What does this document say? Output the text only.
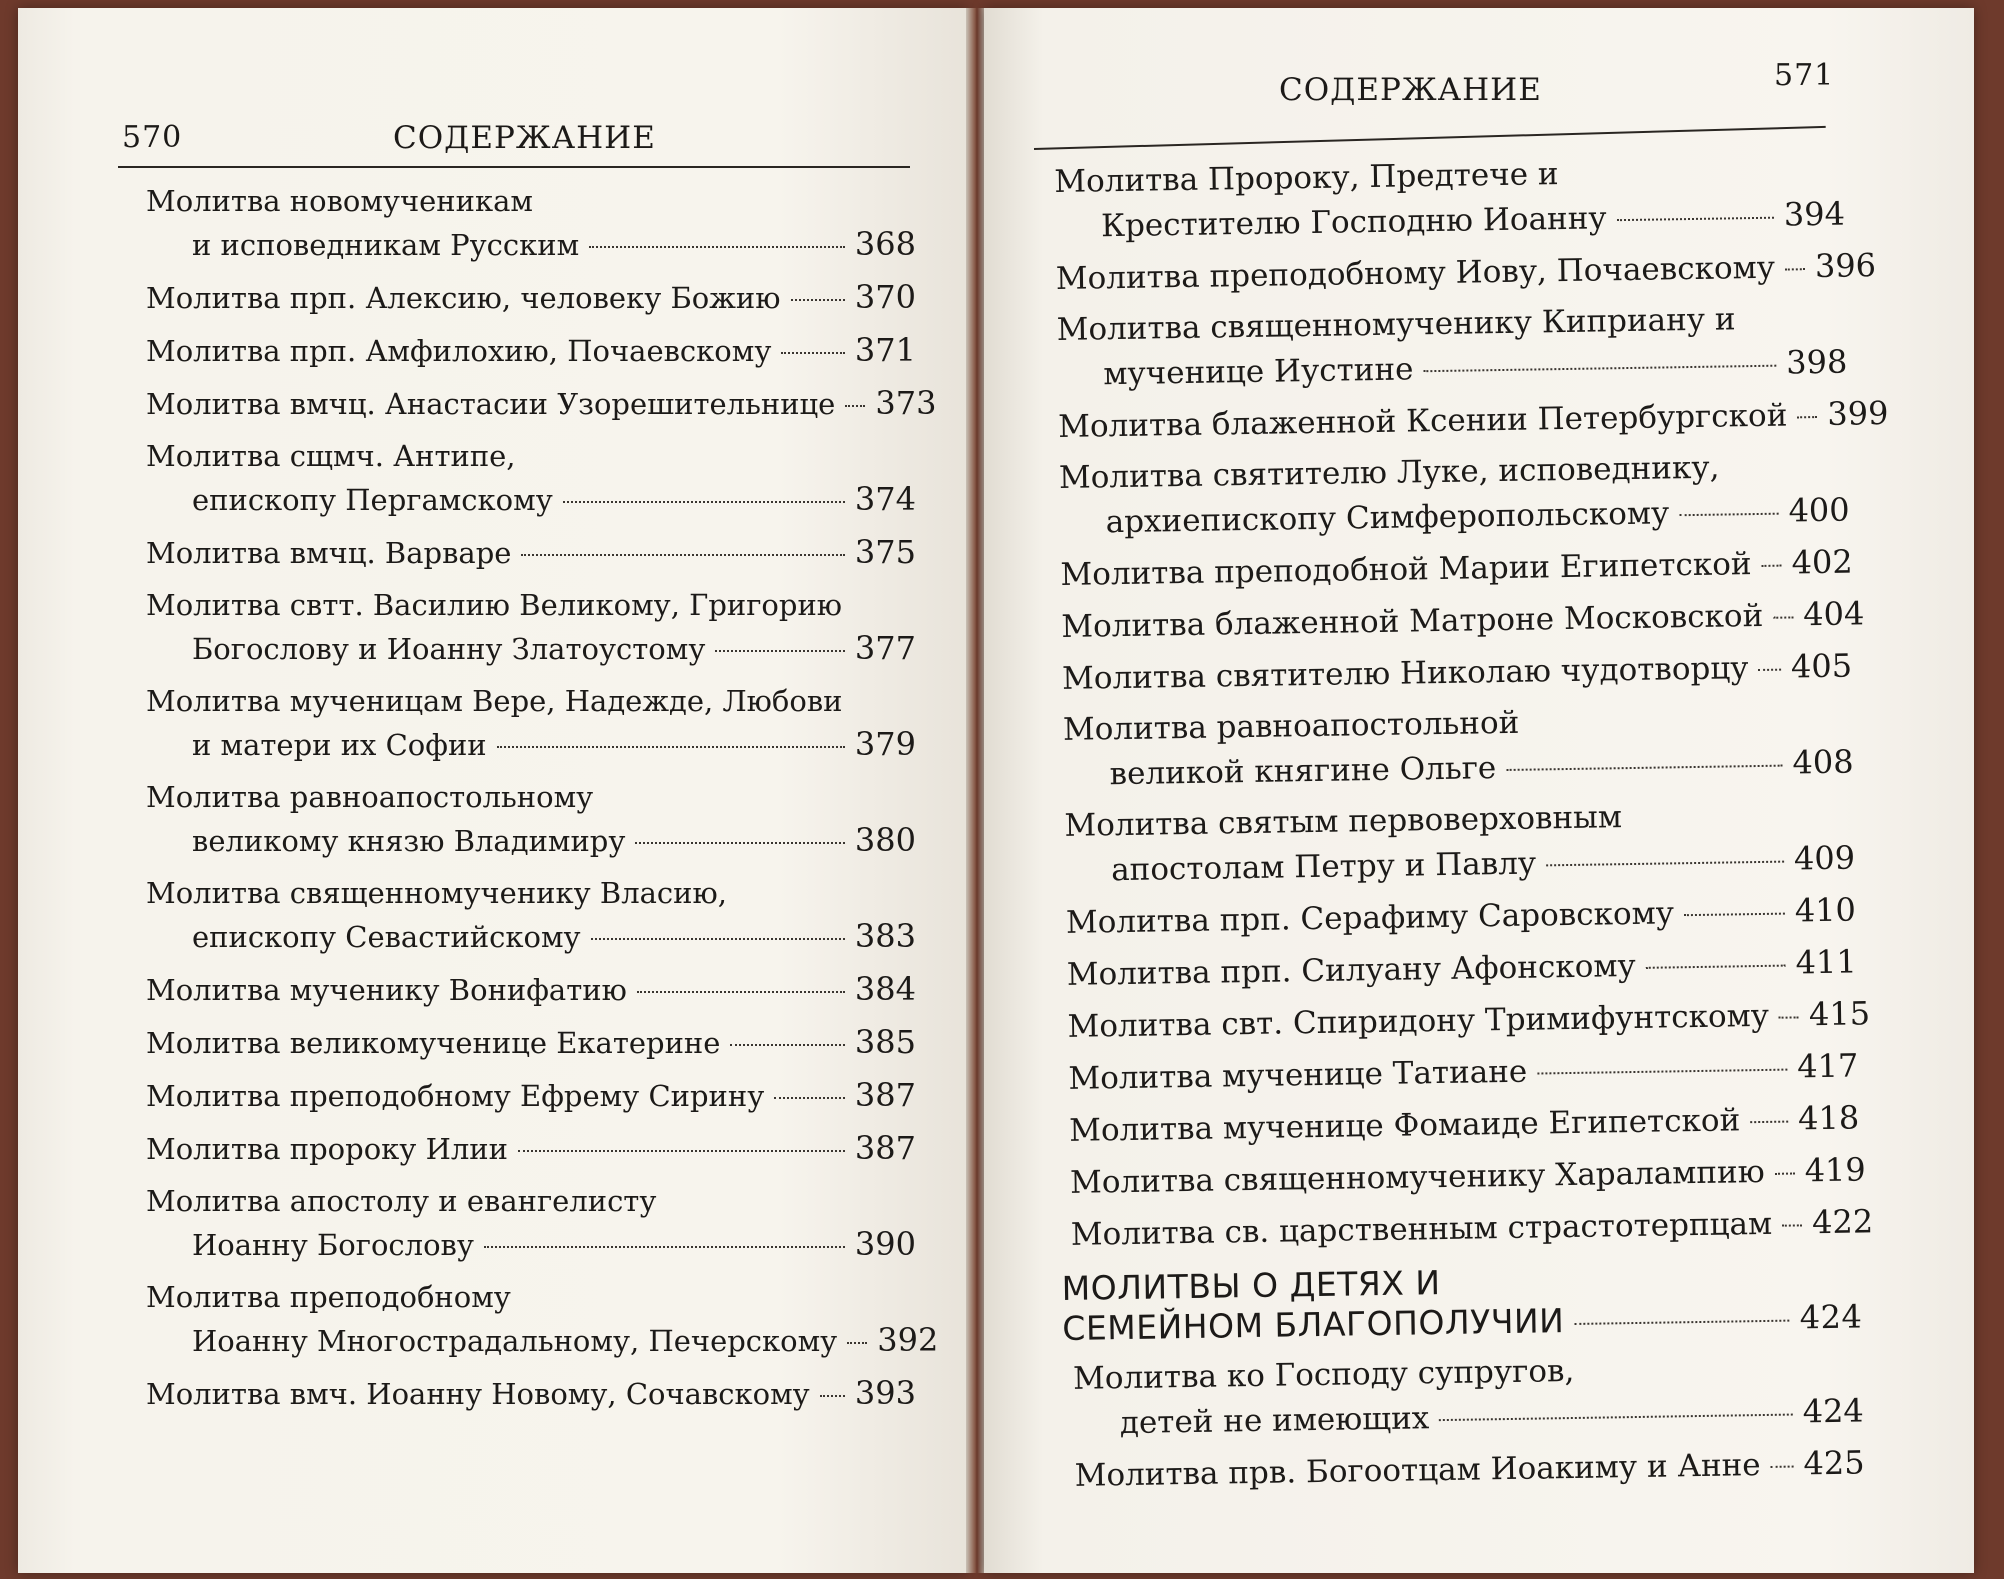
570	СОДЕРЖАНИЕ
Молитва новомученикам
и исповедникам Русским	368
Молитва прп. Алексию, человеку Божию 370
Молитва прп. Амфилохию, Почаевскому	371
Молитва вмчц. Анастасии Узорешительнице 373
Молитва сщмч. Антипе,
епископу Пергамскому	374
Молитва вмчц. Варваре	375
Молитва свтт. Василию Великому, Григорию
Богослову и Иоанну Златоустому	377
Молитва мученицам Вере, Надежде, Любови
и матери их Софии	379
Молитва равноапостольному
великому князю Владимиру	380
Молитва священномученику Власию,
епископу Севастийскому	383
Молитва мученику Вонифатию	384
Молитва великомученице Екатерине	385
Молитва преподобному Ефрему Сирину	387
Молитва пророку Илии	387
Молитва апостолу и евангелисту
Иоанну Богослову	390
Молитва преподобному
Иоанну Многострадальному, Печерскому 392
Молитва вмч. Иоанну Новому, Сочавскому 393
СОДЕРЖАНИЕ	571
Молитва Пророку, Предтече и
Крестителю Господню Иоанну	394
Молитва преподобному Иову, Почаевскому 396
Молитва священномученику Киприану и
мученице Иустине	398
Молитва блаженной Ксении Петербургской 399
Молитва святителю Луке, исповеднику,
архиепископу Симферопольскому	400
Молитва преподобной Марии Египетской 402
Молитва блаженной Матроне Московской 404
Молитва святителю Николаю чудотворцу 405
Молитва равноапостольной
великой княгине Ольге	408
Молитва святым первоверховным
апостолам Петру и Павлу	409
Молитва прп. Серафиму Саровскому	410
Молитва прп. Силуану Афонскому	411
Молитва свт. Спиридону Тримифунтскому 415
Молитва мученице Татиане	417
Молитва мученице Фомаиде Египетской 418
Молитва священномученику Харалампию 419
Молитва св. царственным страстотерпцам 422
МОЛИТВЫ О ДЕТЯХ И
СЕМЕЙНОМ БЛАГОПОЛУЧИИ	424
Молитва ко Господу супругов,
детей не имеющих	424
Молитва прв. Богоотцам Иоакиму и Анне 425
